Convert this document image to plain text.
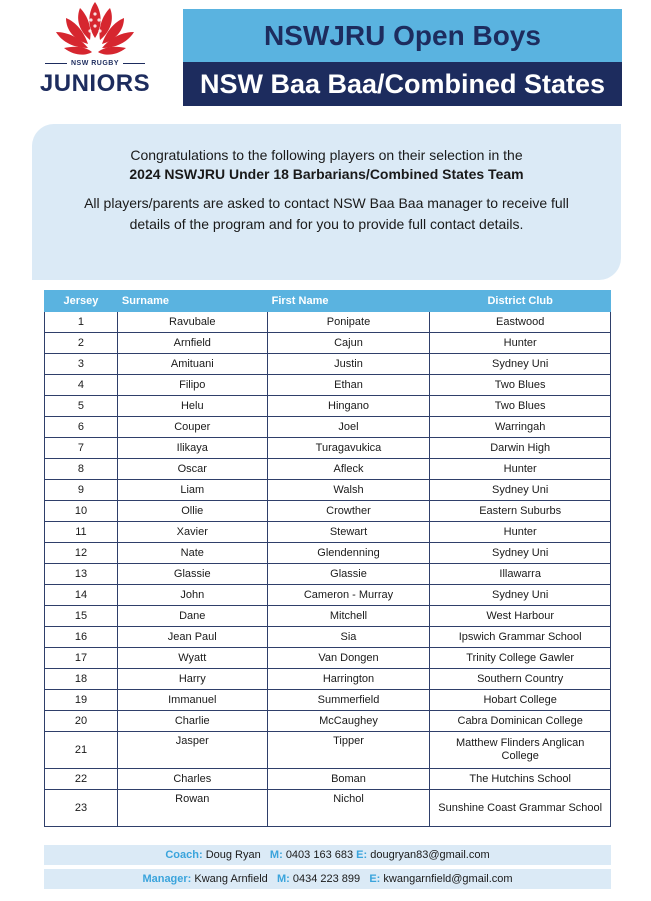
NSW RUGBY
JUNIORS
NSWJRU Open Boys
NSW Baa Baa/Combined States
Congratulations to the following players on their selection in the
2024 NSWJRU Under 18 Barbarians/Combined States Team
All players/parents are asked to contact NSW Baa Baa manager to receive full details of the program and for you to provide full contact details.
Jersey	Surname	First Name	District Club
1	Ravubale	Ponipate	Eastwood
2	Arnfield	Cajun	Hunter
3	Amituani	Justin	Sydney Uni
4	Filipo	Ethan	Two Blues
5	Helu	Hingano	Two Blues
6	Couper	Joel	Warringah
7	Ilikaya	Turagavukica	Darwin High
8	Oscar	Afleck	Hunter
9	Liam	Walsh	Sydney Uni
10	Ollie	Crowther	Eastern Suburbs
11	Xavier	Stewart	Hunter
12	Nate	Glendenning	Sydney Uni
13	Glassie	Glassie	Illawarra
14	John	Cameron - Murray	Sydney Uni
15	Dane	Mitchell	West Harbour
16	Jean Paul	Sia	Ipswich Grammar School
17	Wyatt	Van Dongen	Trinity College Gawler
18	Harry	Harrington	Southern Country
19	Immanuel	Summerfield	Hobart College
20	Charlie	McCaughey	Cabra Dominican College
21	Jasper	Tipper	Matthew Flinders Anglican College
22	Charles	Boman	The Hutchins School
23	Rowan	Nichol	Sunshine Coast Grammar School
Coach: Doug Ryan M: 0403 163 683 E: dougryan83@gmail.com
Manager: Kwang Arnfield M: 0434 223 899 E: kwangarnfield@gmail.com
